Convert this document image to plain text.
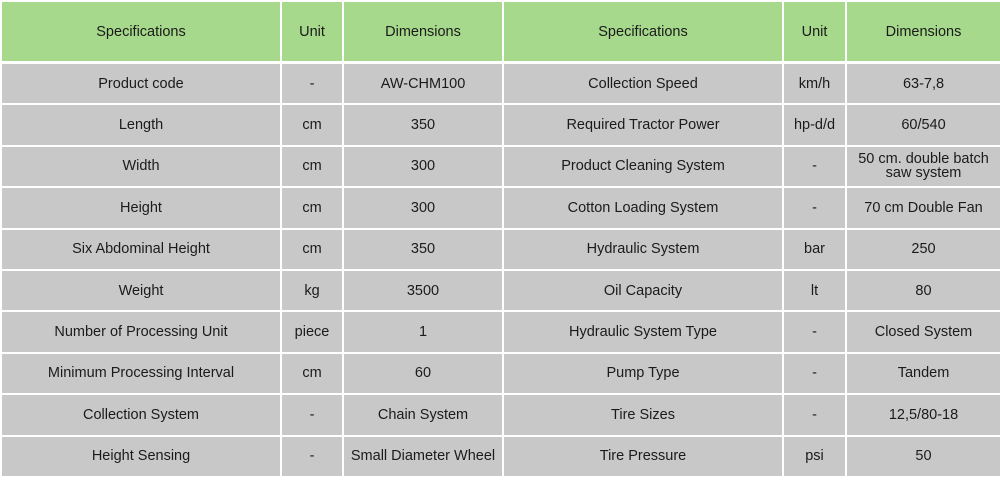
Specifications	Unit	Dimensions	Specifications	Unit	Dimensions
Product code	-	AW-CHM100	Collection Speed	km/h	63-7,8
Length	cm	350	Required Tractor Power	hp-d/d	60/540
Width	cm	300	Product Cleaning System	-	50 cm. double batch saw system
Height	cm	300	Cotton Loading System	-	70 cm Double Fan
Six Abdominal Height	cm	350	Hydraulic System	bar	250
Weight	kg	3500	Oil Capacity	lt	80
Number of Processing Unit	piece	1	Hydraulic System Type	-	Closed System
Minimum Processing Interval	cm	60	Pump Type	-	Tandem
Collection System	-	Chain System	Tire Sizes	-	12,5/80-18
Height Sensing	-	Small Diameter Wheel	Tire Pressure	psi	50
